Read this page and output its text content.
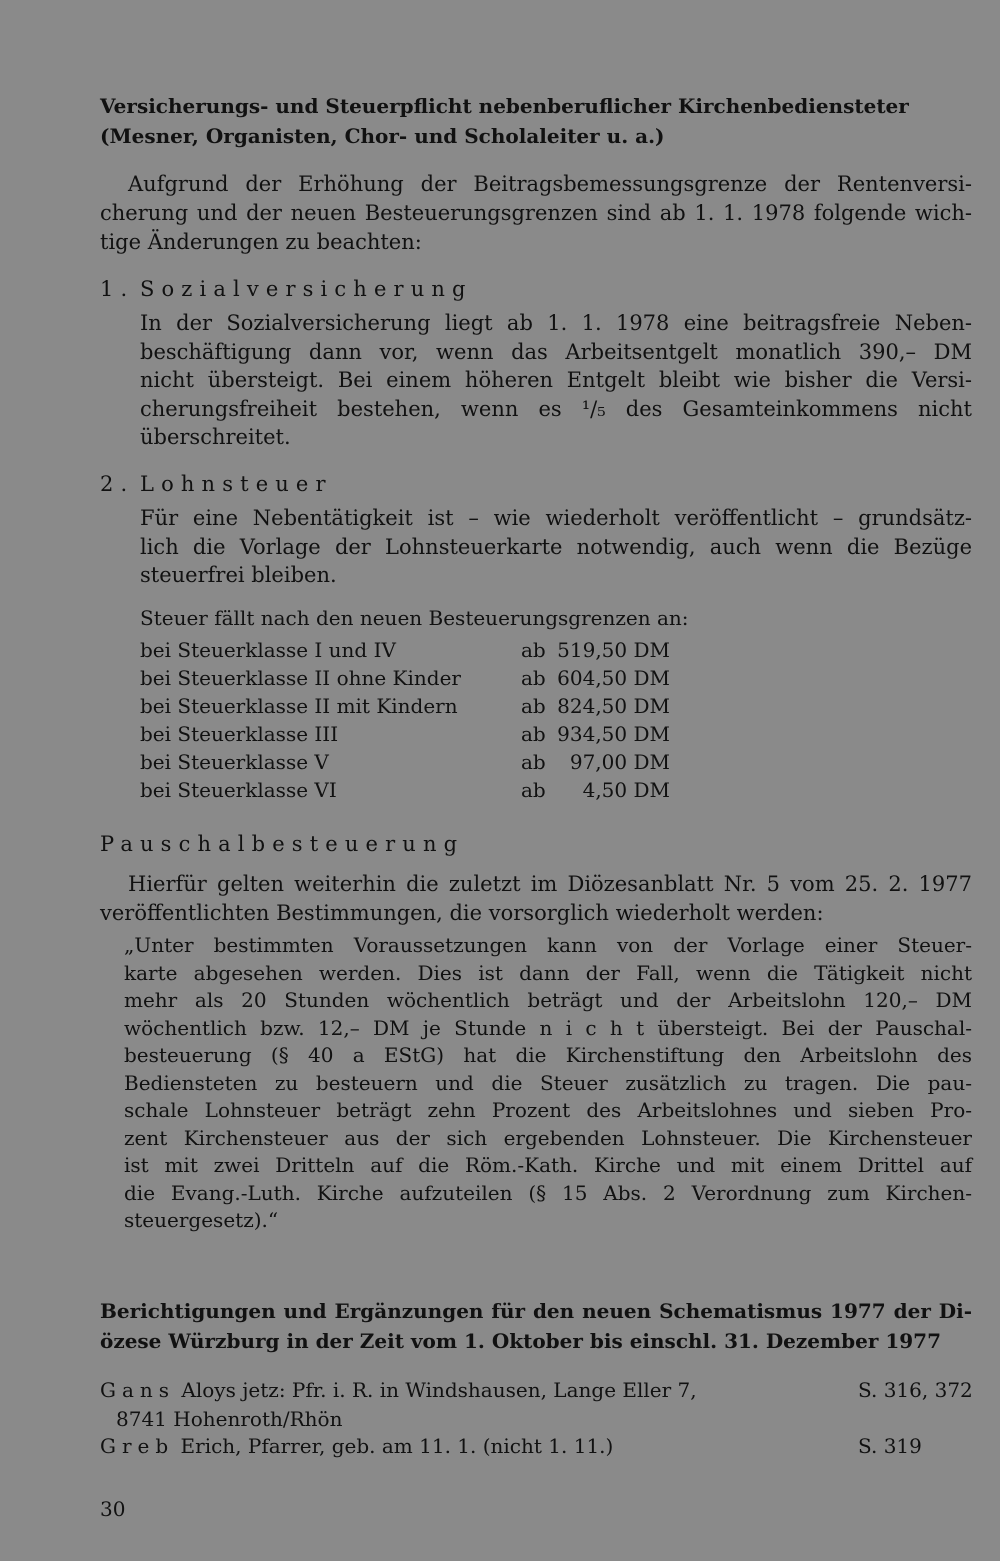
Versicherungs- und Steuerpflicht nebenberuflicher Kirchenbediensteter
(Mesner, Organisten, Chor- und Scholaleiter u. a.)
Aufgrund der Erhöhung der Beitragsbemessungsgrenze der Rentenversi-
cherung und der neuen Besteuerungsgrenzen sind ab 1. 1. 1978 folgende wich-
tige Änderungen zu beachten:
1. Sozialversicherung
In der Sozialversicherung liegt ab 1. 1. 1978 eine beitragsfreie Neben-
beschäftigung dann vor, wenn das Arbeitsentgelt monatlich 390,– DM
nicht übersteigt. Bei einem höheren Entgelt bleibt wie bisher die Versi-
cherungsfreiheit bestehen, wenn es ¹/₅ des Gesamteinkommens nicht
überschreitet.
2. Lohnsteuer
Für eine Nebentätigkeit ist – wie wiederholt veröffentlicht – grundsätz-
lich die Vorlage der Lohnsteuerkarte notwendig, auch wenn die Bezüge
steuerfrei bleiben.
Steuer fällt nach den neuen Besteuerungsgrenzen an:
bei Steuerklasse I und IV	ab 519,50 DM
bei Steuerklasse II ohne Kinder	ab 604,50 DM
bei Steuerklasse II mit Kindern	ab 824,50 DM
bei Steuerklasse III	ab 934,50 DM
bei Steuerklasse V	ab 97,00 DM
bei Steuerklasse VI	ab 4,50 DM
Pauschalbesteuerung
Hierfür gelten weiterhin die zuletzt im Diözesanblatt Nr. 5 vom 25. 2. 1977
veröffentlichten Bestimmungen, die vorsorglich wiederholt werden:
„Unter bestimmten Voraussetzungen kann von der Vorlage einer Steuer-
karte abgesehen werden. Dies ist dann der Fall, wenn die Tätigkeit nicht
mehr als 20 Stunden wöchentlich beträgt und der Arbeitslohn 120,– DM
wöchentlich bzw. 12,– DM je Stunde n i c h t übersteigt. Bei der Pauschal-
besteuerung (§ 40 a EStG) hat die Kirchenstiftung den Arbeitslohn des
Bediensteten zu besteuern und die Steuer zusätzlich zu tragen. Die pau-
schale Lohnsteuer beträgt zehn Prozent des Arbeitslohnes und sieben Pro-
zent Kirchensteuer aus der sich ergebenden Lohnsteuer. Die Kirchensteuer
ist mit zwei Dritteln auf die Röm.-Kath. Kirche und mit einem Drittel auf
die Evang.-Luth. Kirche aufzuteilen (§ 15 Abs. 2 Verordnung zum Kirchen-
steuergesetz).“
Berichtigungen und Ergänzungen für den neuen Schematismus 1977 der Di-
özese Würzburg in der Zeit vom 1. Oktober bis einschl. 31. Dezember 1977
Gans Aloys jetz: Pfr. i. R. in Windshausen, Lange Eller 7,	S. 316, 372
8741 Hohenroth/Rhön
Greb Erich, Pfarrer, geb. am 11. 1. (nicht 1. 11.)	S. 319
30
